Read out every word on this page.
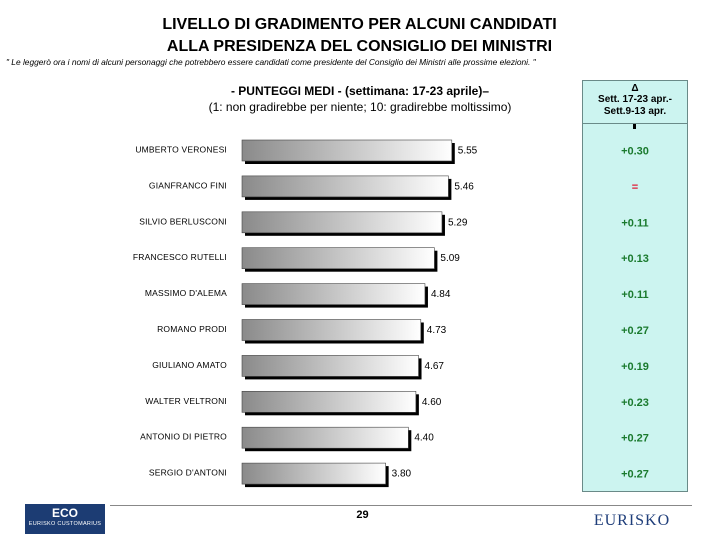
LIVELLO DI GRADIMENTO PER ALCUNI CANDIDATI
ALLA PRESIDENZA DEL CONSIGLIO DEI MINISTRI
" Le leggerò ora i nomi di alcuni personaggi che potrebbero essere candidati come presidente del Consiglio dei Ministri alle prossime elezioni. "
- PUNTEGGI MEDI - (settimana: 17-23 aprile)–
(1: non gradirebbe per niente; 10: gradirebbe moltissimo)
Δ
Sett. 17-23 apr.-
Sett.9-13 apr.
UMBERTO VERONESI	5.55	+0.30
GIANFRANCO FINI	5.46	=
SILVIO BERLUSCONI	5.29	+0.11
FRANCESCO RUTELLI	5.09	+0.13
MASSIMO D'ALEMA	4.84	+0.11
ROMANO PRODI	4.73	+0.27
GIULIANO AMATO	4.67	+0.19
WALTER VELTRONI	4.60	+0.23
ANTONIO DI PIETRO	4.40	+0.27
SERGIO D'ANTONI	3.80	+0.27
29
ECO
EURISKO CUSTOMARIUS	EURISKO
